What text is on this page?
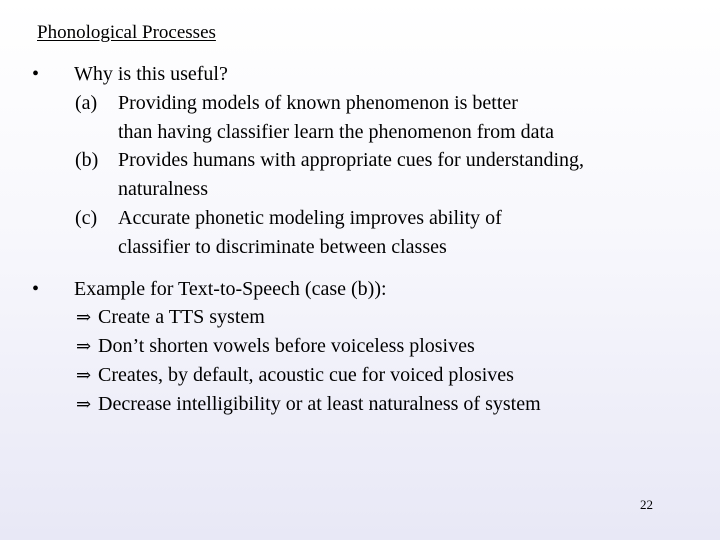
Phonological Processes
• Why is this useful?
(a) Providing models of known phenomenon is better
than having classifier learn the phenomenon from data
(b) Provides humans with appropriate cues for understanding,
naturalness
(c) Accurate phonetic modeling improves ability of
classifier to discriminate between classes
• Example for Text-to-Speech (case (b)):
⇒ Create a TTS system
⇒ Don’t shorten vowels before voiceless plosives
⇒ Creates, by default, acoustic cue for voiced plosives
⇒ Decrease intelligibility or at least naturalness of system
22
